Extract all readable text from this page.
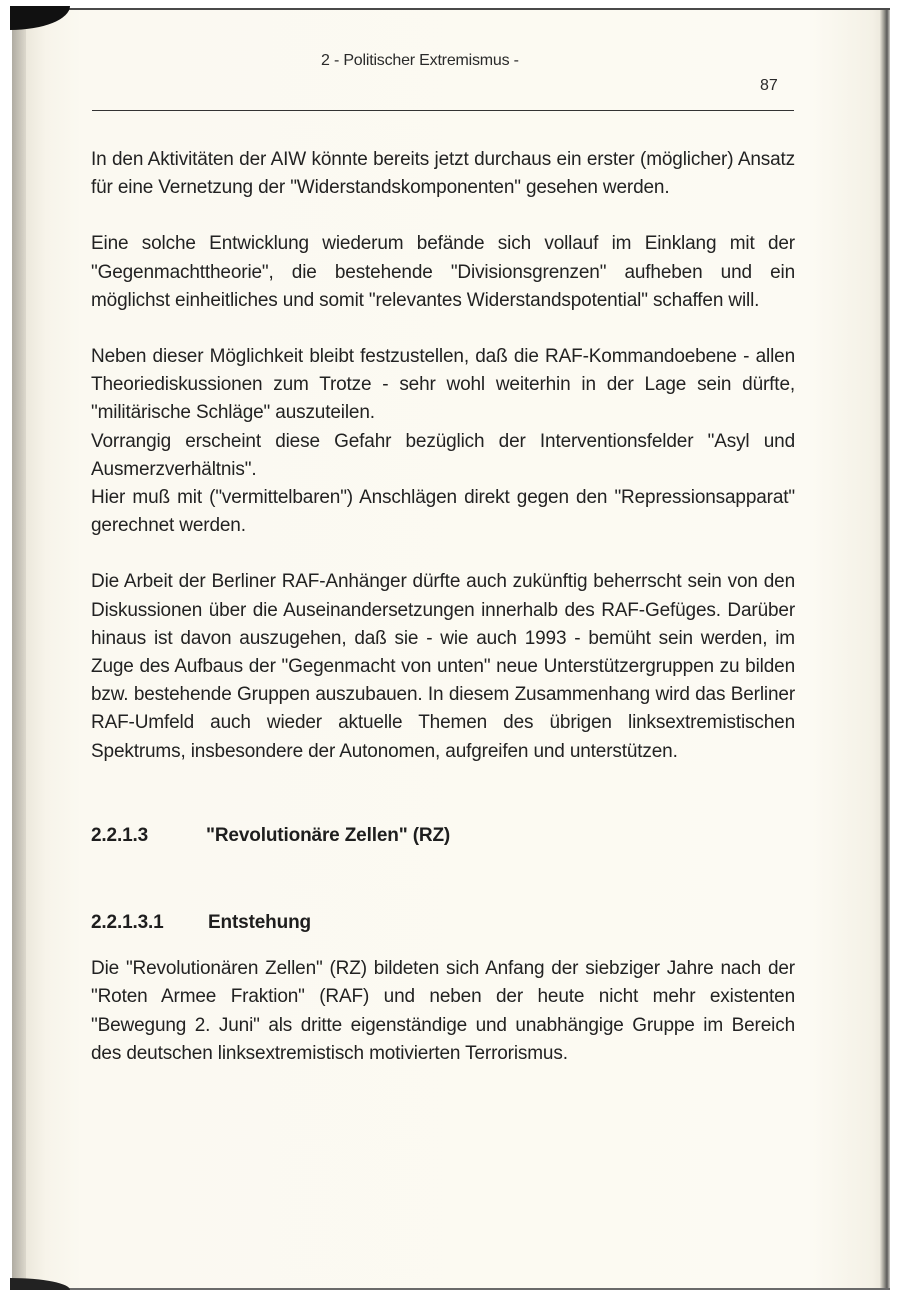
2 - Politischer Extremismus -
87

In den Aktivitäten der AIW könnte bereits jetzt durchaus ein erster (möglicher) Ansatz für eine Vernetzung der "Widerstandskomponenten" gesehen werden.

Eine solche Entwicklung wiederum befände sich vollauf im Einklang mit der "Gegenmachttheorie", die bestehende "Divisionsgrenzen" aufheben und ein möglichst einheitliches und somit "relevantes Widerstandspotential" schaffen will.

Neben dieser Möglichkeit bleibt festzustellen, daß die RAF-Kommandoebene - allen Theoriediskussionen zum Trotze - sehr wohl weiterhin in der Lage sein dürfte, "militärische Schläge" auszuteilen.

Vorrangig erscheint diese Gefahr bezüglich der Interventionsfelder "Asyl und Ausmerzverhältnis".

Hier muß mit ("vermittelbaren") Anschlägen direkt gegen den "Repressionsapparat" gerechnet werden.

Die Arbeit der Berliner RAF-Anhänger dürfte auch zukünftig beherrscht sein von den Diskussionen über die Auseinandersetzungen innerhalb des RAF-Gefüges. Darüber hinaus ist davon auszugehen, daß sie - wie auch 1993 - bemüht sein werden, im Zuge des Aufbaus der "Gegenmacht von unten" neue Unterstützergruppen zu bilden bzw. bestehende Gruppen auszubauen. In diesem Zusammenhang wird das Berliner RAF-Umfeld auch wieder aktuelle Themen des übrigen linksextremistischen Spektrums, insbesondere der Autonomen, aufgreifen und unterstützen.

2.2.1.3	"Revolutionäre Zellen" (RZ)
2.2.1.3.1	Entstehung

Die "Revolutionären Zellen" (RZ) bildeten sich Anfang der siebziger Jahre nach der "Roten Armee Fraktion" (RAF) und neben der heute nicht mehr existenten "Bewegung 2. Juni" als dritte eigenständige und unabhängige Gruppe im Bereich des deutschen linksextremistisch motivierten Terrorismus.
